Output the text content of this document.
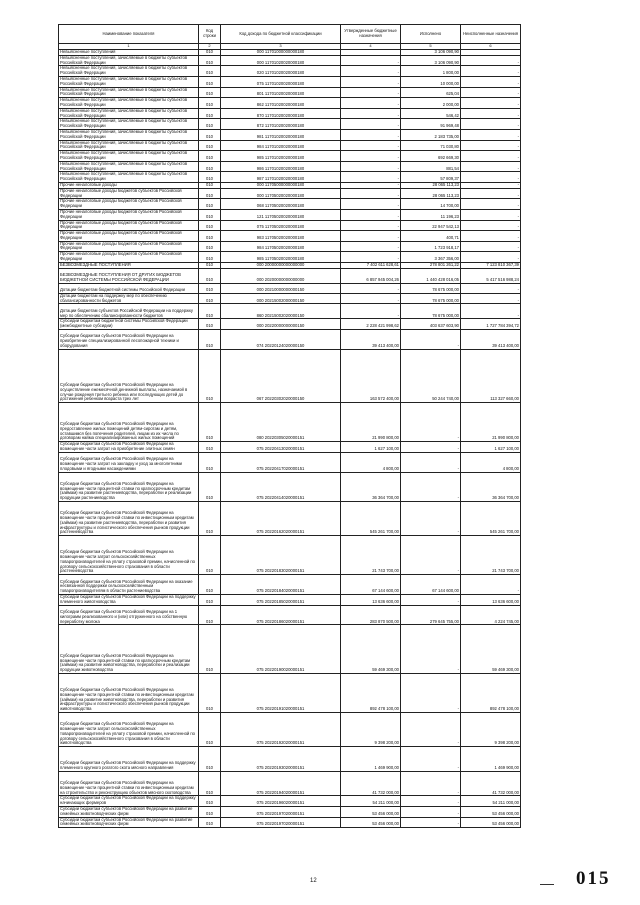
Наименование показателя	Код строки	Код дохода по бюджетной классификации	Утвержденные бюджетные назначения	Исполнено	Неисполненные назначения
1	2	3	4	5	6
Невыясненные поступления	010	000 11701000000000180		3 106 090,90	
Невыясненные поступления, зачисляемые в бюджеты субъектов Российской Федерации	010	000 11701020020000180	-	3 106 090,90	-
Невыясненные поступления, зачисляемые в бюджеты субъектов Российской Федерации	010	020 11701020020000180	-	1 800,00	-
Невыясненные поступления, зачисляемые в бюджеты субъектов Российской Федерации	010	075 11701020020000180	-	10 000,00	-
Невыясненные поступления, зачисляемые в бюджеты субъектов Российской Федерации	010	801 11701020020000180	-	625,04	-
Невыясненные поступления, зачисляемые в бюджеты субъектов Российской Федерации	010	862 11701020020000180	-	2 000,00	-
Невыясненные поступления, зачисляемые в бюджеты субъектов Российской Федерации	010	870 11701020020000180	-	546,42	-
Невыясненные поступления, зачисляемые в бюджеты субъектов Российской Федерации	010	872 11701020020000180	-	91 969,48	-
Невыясненные поступления, зачисляемые в бюджеты субъектов Российской Федерации	010	981 11701020020000180	-	2 183 735,00	-
Невыясненные поступления, зачисляемые в бюджеты субъектов Российской Федерации	010	984 11701020020000180	-	71 030,80	-
Невыясненные поступления, зачисляемые в бюджеты субъектов Российской Федерации	010	985 11701020020000180	-	692 669,30	-
Невыясненные поступления, зачисляемые в бюджеты субъектов Российской Федерации	010	986 11701020020000180	-	881,54	-
Невыясненные поступления, зачисляемые в бюджеты субъектов Российской Федерации	010	987 11701020020000180	-	57 809,37	-
Прочие неналоговые доходы	010	000 11705000000000180	-	28 065 113,23	-
Прочие неналоговые доходы бюджетов субъектов Российской Федерации	010	000 11705020020000180	-	28 065 113,23	-
Прочие неналоговые доходы бюджетов субъектов Российской Федерации	010	068 11705020020000180	-	14 700,00	-
Прочие неналоговые доходы бюджетов субъектов Российской Федерации	010	121 11705020020000180	-	11 196,23	-
Прочие неналоговые доходы бюджетов субъектов Российской Федерации	010	075 11705020020000180	-	22 947 542,13	-
Прочие неналоговые доходы бюджетов субъектов Российской Федерации	010	983 11705020020000180	-	400,71	-
Прочие неналоговые доходы бюджетов субъектов Российской Федерации	010	984 11705020020000180	-	1 723 918,17	-
Прочие неналоговые доходы бюджетов субъектов Российской Федерации	010	985 11705020020000180	-	3 367 356,00	-
БЕЗВОЗМЕЗДНЫЕ ПОСТУПЛЕНИЯ	010	000 20000000000000000	7 402 611 628,61	278 801 261,22	7 123 810 367,39
БЕЗВОЗМЕЗДНЫЕ ПОСТУПЛЕНИЯ ОТ ДРУГИХ БЮДЖЕТОВ БЮДЖЕТНОЙ СИСТЕМЫ РОССИЙСКОЙ ФЕДЕРАЦИИ	010	000 20200000000000000	6 857 945 004,26	1 440 428 016,05	5 417 516 988,24
Дотации бюджетам бюджетной системы Российской Федерации	010	000 20210000000000150	-	78 675 000,00	-
Дотации бюджетам на поддержку мер по обеспечению сбалансированности бюджетов	010	000 20215002000000150	-	78 675 000,00	-
Дотации бюджетам субъектов Российской Федерации на поддержку мер по обеспечению сбалансированности бюджетов	010	860 20215002020000150	-	78 675 000,00	-
Субсидии бюджетам бюджетной системы Российской Федерации (межбюджетные субсидии)	010	000 20220000000000150	2 228 421 998,62	403 637 603,90	1 727 784 394,72
Субсидии бюджетам субъектов Российской Федерации на приобретение специализированной лесопожарной техники и оборудования	010	074 20220124020000150	39 413 400,00	-	39 413 400,00
Субсидии бюджетам субъектов Российской Федерации на осуществление ежемесячной денежной выплаты, назначаемой в случае рождения третьего ребенка или последующих детей до достижения ребенком возраста трех лет	010	067 20220302020000150	163 572 400,00	50 244 740,00	113 327 660,00
Субсидии бюджетам субъектов Российской Федерации на предоставление жилых помещений детям-сиротам и детям, оставшимся без попечения родителей, лицам из их числа по договорам найма специализированных жилых помещений	010	080 20220305020000151	21 990 800,00	-	21 990 800,00
Субсидии бюджетам субъектов Российской Федерации на возмещение части затрат на приобретение элитных семян	010	075 20220413020000151	1 627 100,00	-	1 627 100,00
Субсидии бюджетам субъектов Российской Федерации на возмещение части затрат на закладку и уход за многолетними плодовыми и ягодными насаждениями	010	075 20220417020000151	4 800,00	-	4 800,00
Субсидии бюджетам субъектов Российской Федерации на возмещение части процентной ставки по краткосрочным кредитам (займам) на развитие растениеводства, переработки и реализации продукции растениеводства	010	075 20220414020000151	36 364 700,00	-	36 364 700,00
Субсидии бюджетам субъектов Российской Федерации на возмещение части процентной ставки по инвестиционным кредитам (займам) на развитие растениеводства, переработки и развития инфраструктуры и логистического обеспечения рынков продукции растениеводства	010	075 20220162020000151	545 261 700,00	-	545 261 700,00
Субсидии бюджетам субъектов Российской Федерации на возмещение части затрат сельскохозяйственных товаропроизводителей на уплату страховой премии, начисленной по договору сельскохозяйственного страхования в области растениеводства	010	075 20220183020000151	21 743 700,00	-	21 743 700,00
Субсидии бюджетам субъектов Российской Федерации на оказание несвязанной поддержки сельскохозяйственным товаропроизводителям в области растениеводства	010	075 20220184020000151	67 144 600,00	67 144 600,00	-
Субсидии бюджетам субъектов Российской Федерации на поддержку племенного животноводства	010	075 20220185020000151	13 636 600,00	-	13 636 600,00
Субсидии бюджетам субъектов Российской Федерации на 1 килограмм реализованного и (или) отгруженного на собственную переработку молока	010	075 20220186020000151	283 870 500,00	279 645 755,00	4 224 745,00
Субсидии бюджетам субъектов Российской Федерации на возмещение части процентной ставки по краткосрочным кредитам (займам) на развитие животноводства, переработки и реализации продукции животноводства	010	075 20220190020000151	59 469 300,00	-	59 469 300,00
Субсидии бюджетам субъектов Российской Федерации на возмещение части процентной ставки по инвестиционным кредитам (займам) на развитие животноводства, переработки и развития инфраструктуры и логистического обеспечения рынков продукции животноводства	010	075 20220191020000151	892 478 100,00	-	892 478 100,00
Субсидии бюджетам субъектов Российской Федерации на возмещение части затрат сельскохозяйственных товаропроизводителей на уплату страховой премии, начисленной по договору сельскохозяйственного страхования в области животноводства	010	075 20220192020000151	9 398 200,00	-	9 398 200,00
Субсидии бюджетам субъектов Российской Федерации на поддержку племенного крупного рогатого скота мясного направления	010	075 20220193020000151	1 469 900,00	-	1 469 900,00
Субсидии бюджетам субъектов Российской Федерации на возмещение части процентной ставки по инвестиционным кредитам на строительство и реконструкцию объектов мясного скотоводства	010	075 20220194020000151	41 732 000,00	-	41 732 000,00
Субсидии бюджетам субъектов Российской Федерации на поддержку начинающих фермеров	010	075 20220196020000151	54 211 000,00	-	54 211 000,00
Субсидии бюджетам субъектов Российской Федерации на развитие семейных животноводческих ферм	010	075 20220197020000151	53 456 000,00	-	53 456 000,00
Субсидии бюджетам субъектов Российской Федерации на развитие семейных животноводческих ферм	010	075 20220197020000151	53 456 000,00	-	53 456 000,00
12	015
